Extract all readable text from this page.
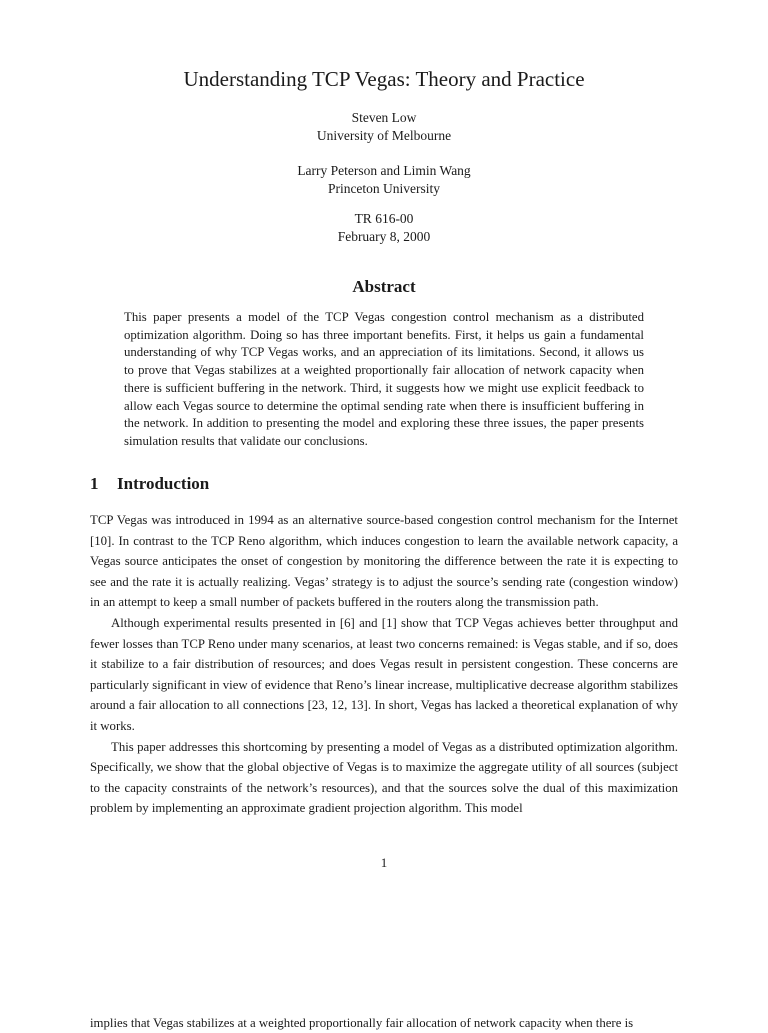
Understanding TCP Vegas: Theory and Practice
Steven Low
University of Melbourne
Larry Peterson and Limin Wang
Princeton University
TR 616-00
February 8, 2000
Abstract
This paper presents a model of the TCP Vegas congestion control mechanism as a distributed optimization algorithm. Doing so has three important benefits. First, it helps us gain a fundamental understanding of why TCP Vegas works, and an appreciation of its limitations. Second, it allows us to prove that Vegas stabilizes at a weighted proportionally fair allocation of network capacity when there is sufficient buffering in the network. Third, it suggests how we might use explicit feedback to allow each Vegas source to determine the optimal sending rate when there is insufficient buffering in the network. In addition to presenting the model and exploring these three issues, the paper presents simulation results that validate our conclusions.
1 Introduction

TCP Vegas was introduced in 1994 as an alternative source-based congestion control mechanism for the Internet [10]. In contrast to the TCP Reno algorithm, which induces congestion to learn the available network capacity, a Vegas source anticipates the onset of congestion by monitoring the difference between the rate it is expecting to see and the rate it is actually realizing. Vegas’ strategy is to adjust the source’s sending rate (congestion window) in an attempt to keep a small number of packets buffered in the routers along the transmission path.

Although experimental results presented in [6] and [1] show that TCP Vegas achieves better throughput and fewer losses than TCP Reno under many scenarios, at least two concerns remained: is Vegas stable, and if so, does it stabilize to a fair distribution of resources; and does Vegas result in persistent congestion. These concerns are particularly significant in view of evidence that Reno’s linear increase, multiplicative decrease algorithm stabilizes around a fair allocation to all connections [23, 12, 13]. In short, Vegas has lacked a theoretical explanation of why it works.

This paper addresses this shortcoming by presenting a model of Vegas as a distributed optimization algorithm. Specifically, we show that the global objective of Vegas is to maximize the aggregate utility of all sources (subject to the capacity constraints of the network’s resources), and that the sources solve the dual of this maximization problem by implementing an approximate gradient projection algorithm. This model

1
implies that Vegas stabilizes at a weighted proportionally fair allocation of network capacity when there is
